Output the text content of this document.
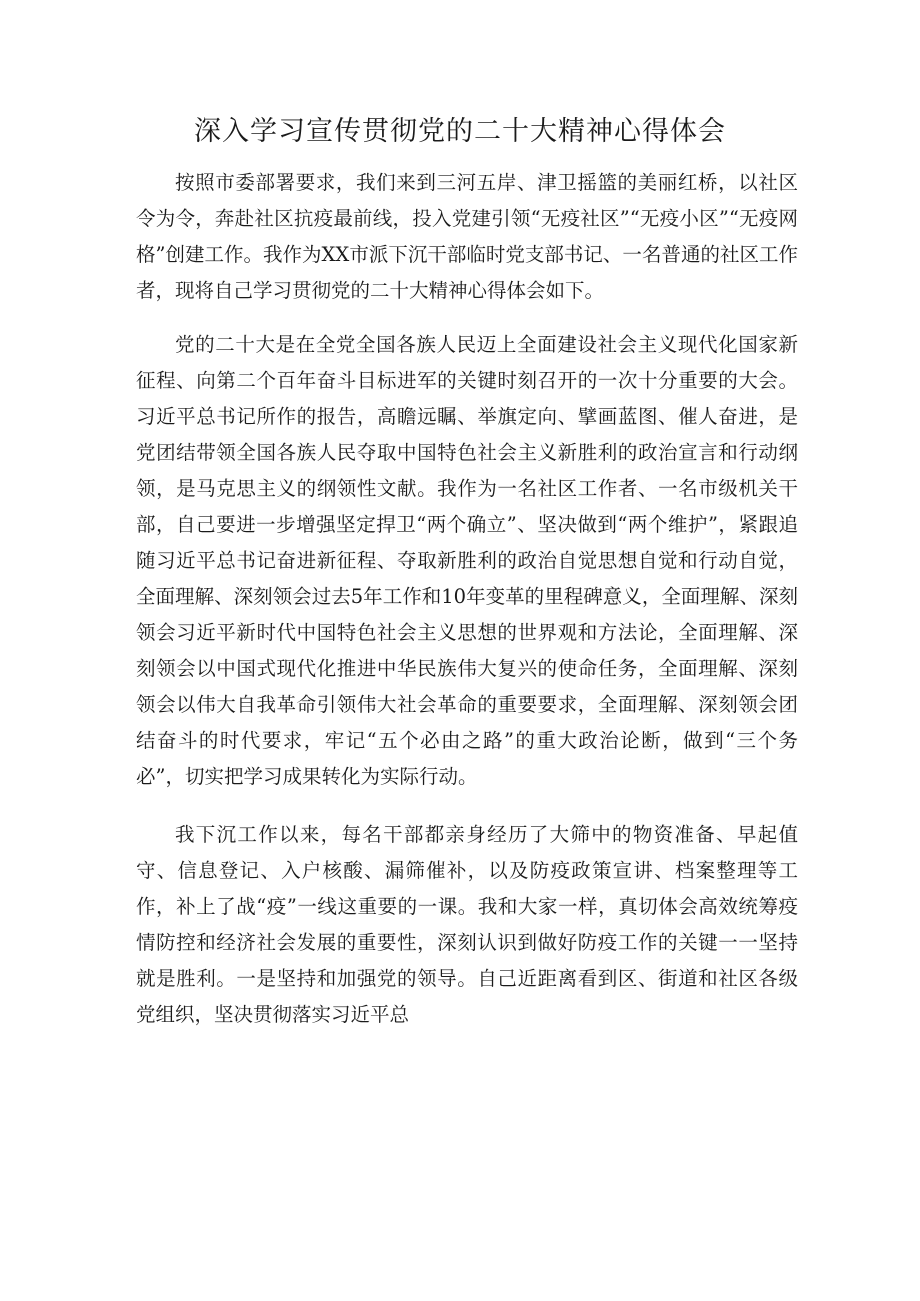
深入学习宣传贯彻党的二十大精神心得体会

按照市委部署要求，我们来到三河五岸、津卫摇篮的美丽红桥，以社区令为令，奔赴社区抗疫最前线，投入党建引领“无疫社区”“无疫小区”“无疫网格”创建工作。我作为XX市派下沉干部临时党支部书记、一名普通的社区工作者，现将自己学习贯彻党的二十大精神心得体会如下。

党的二十大是在全党全国各族人民迈上全面建设社会主义现代化国家新征程、向第二个百年奋斗目标进军的关键时刻召开的一次十分重要的大会。习近平总书记所作的报告，高瞻远瞩、举旗定向、擘画蓝图、催人奋进，是党团结带领全国各族人民夺取中国特色社会主义新胜利的政治宣言和行动纲领，是马克思主义的纲领性文献。我作为一名社区工作者、一名市级机关干部，自己要进一步增强坚定捍卫“两个确立”、坚决做到“两个维护”，紧跟追随习近平总书记奋进新征程、夺取新胜利的政治自觉思想自觉和行动自觉，全面理解、深刻领会过去5年工作和10年变革的里程碑意义，全面理解、深刻领会习近平新时代中国特色社会主义思想的世界观和方法论，全面理解、深刻领会以中国式现代化推进中华民族伟大复兴的使命任务，全面理解、深刻领会以伟大自我革命引领伟大社会革命的重要要求，全面理解、深刻领会团结奋斗的时代要求，牢记“五个必由之路”的重大政治论断，做到“三个务必”，切实把学习成果转化为实际行动。

我下沉工作以来，每名干部都亲身经历了大筛中的物资准备、早起值守、信息登记、入户核酸、漏筛催补，以及防疫政策宣讲、档案整理等工作，补上了战“疫”一线这重要的一课。我和大家一样，真切体会高效统筹疫情防控和经济社会发展的重要性，深刻认识到做好防疫工作的关键一一坚持就是胜利。一是坚持和加强党的领导。自己近距离看到区、街道和社区各级党组织，坚决贯彻落实习近平总
